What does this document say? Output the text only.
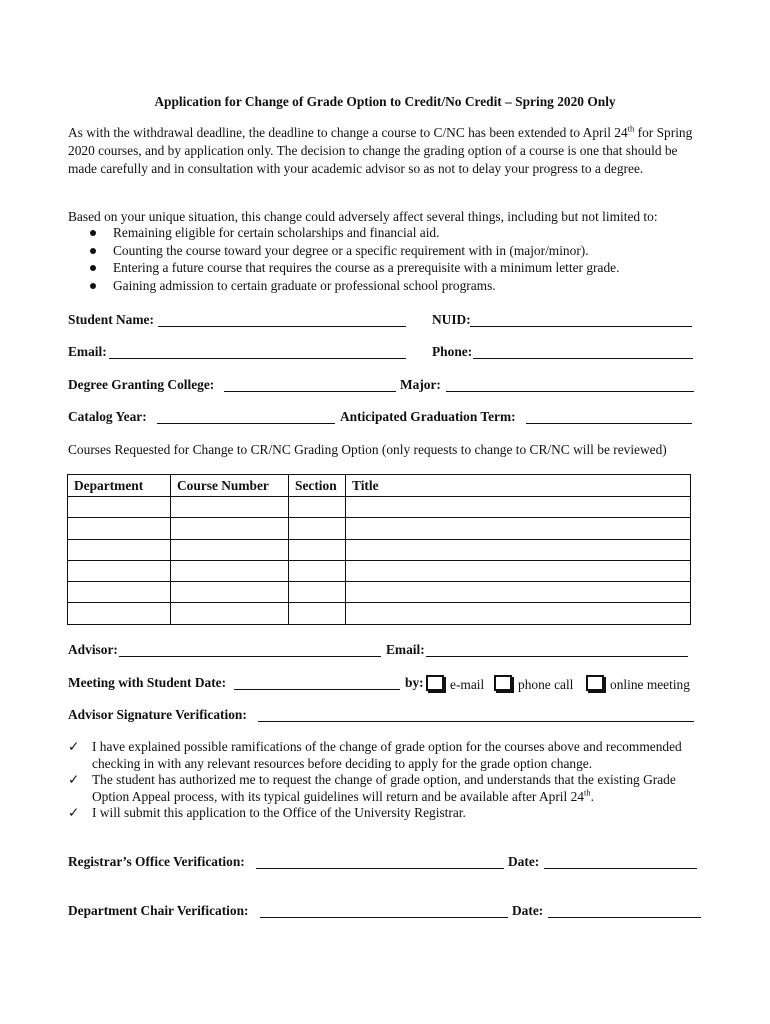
Application for Change of Grade Option to Credit/No Credit – Spring 2020 Only
As with the withdrawal deadline, the deadline to change a course to C/NC has been extended to April 24th for Spring 2020 courses, and by application only. The decision to change the grading option of a course is one that should be made carefully and in consultation with your academic advisor so as not to delay your progress to a degree.
Based on your unique situation, this change could adversely affect several things, including but not limited to:
Remaining eligible for certain scholarships and financial aid.
Counting the course toward your degree or a specific requirement with in (major/minor).
Entering a future course that requires the course as a prerequisite with a minimum letter grade.
Gaining admission to certain graduate or professional school programs.
Student Name:	NUID:
Email:	Phone:
Degree Granting College:	Major:
Catalog Year:	Anticipated Graduation Term:
Courses Requested for Change to CR/NC Grading Option (only requests to change to CR/NC will be reviewed)
Department	Course Number	Section	Title

Advisor:	Email:
Meeting with Student Date:	by:	e-mail	phone call	online meeting
Advisor Signature Verification:
✓ I have explained possible ramifications of the change of grade option for the courses above and recommended checking in with any relevant resources before deciding to apply for the grade option change.
✓ The student has authorized me to request the change of grade option, and understands that the existing Grade Option Appeal process, with its typical guidelines will return and be available after April 24th.
✓ I will submit this application to the Office of the University Registrar.
Registrar’s Office Verification:	Date:
Department Chair Verification:	Date:
